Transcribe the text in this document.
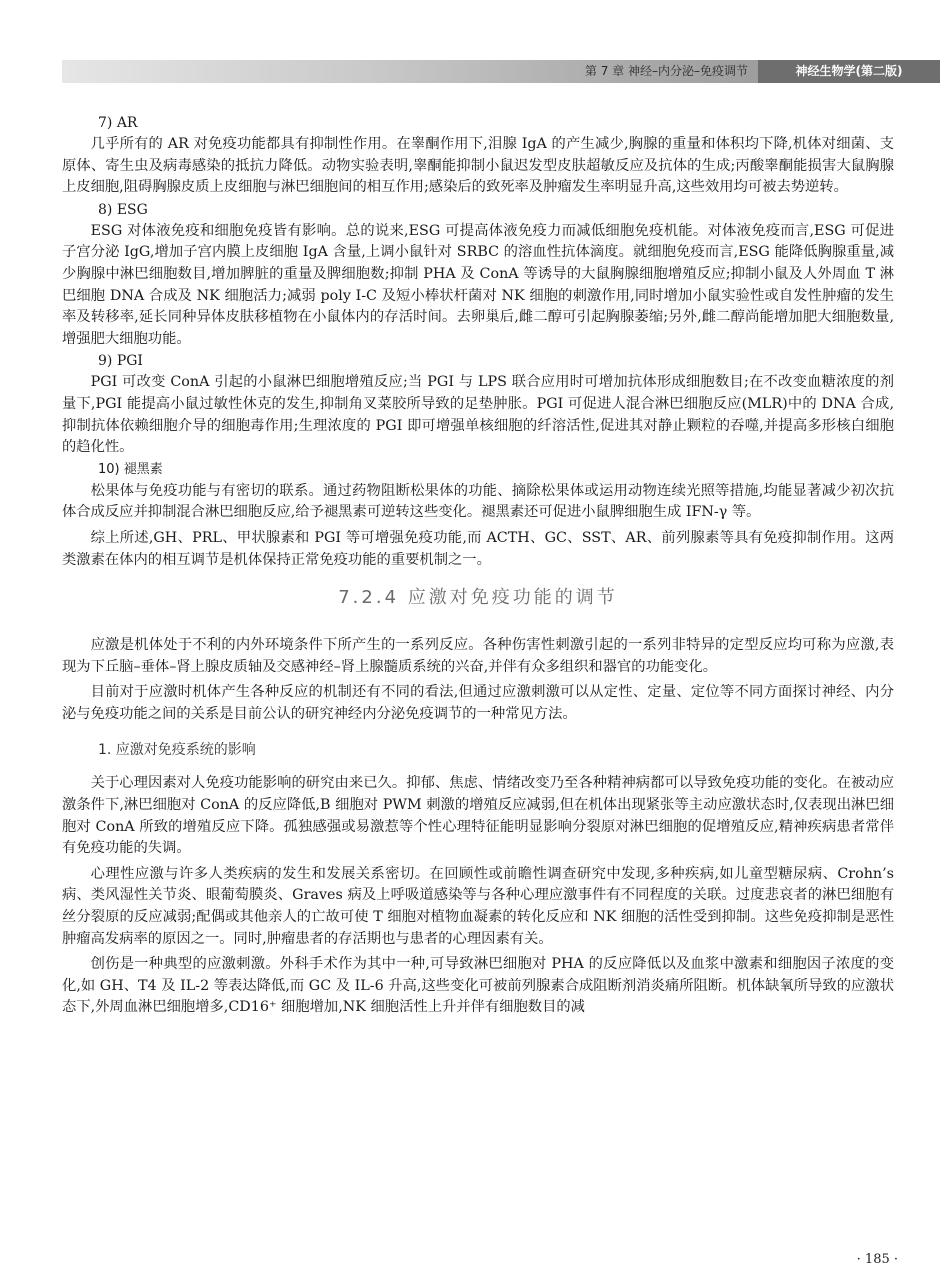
第 7 章 神经–内分泌–免疫调节	神经生物学(第二版)
7) AR

几乎所有的 AR 对免疫功能都具有抑制性作用。在睾酮作用下,泪腺 IgA 的产生减少,胸腺的重量和体积均下降,机体对细菌、支原体、寄生虫及病毒感染的抵抗力降低。动物实验表明,睾酮能抑制小鼠迟发型皮肤超敏反应及抗体的生成;丙酸睾酮能损害大鼠胸腺上皮细胞,阻碍胸腺皮质上皮细胞与淋巴细胞间的相互作用;感染后的致死率及肿瘤发生率明显升高,这些效用均可被去势逆转。

8) ESG

ESG 对体液免疫和细胞免疫皆有影响。总的说来,ESG 可提高体液免疫力而减低细胞免疫机能。对体液免疫而言,ESG 可促进子宫分泌 IgG,增加子宫内膜上皮细胞 IgA 含量,上调小鼠针对 SRBC 的溶血性抗体滴度。就细胞免疫而言,ESG 能降低胸腺重量,减少胸腺中淋巴细胞数目,增加脾脏的重量及脾细胞数;抑制 PHA 及 ConA 等诱导的大鼠胸腺细胞增殖反应;抑制小鼠及人外周血 T 淋巴细胞 DNA 合成及 NK 细胞活力;减弱 poly I-C 及短小棒状杆菌对 NK 细胞的刺激作用,同时增加小鼠实验性或自发性肿瘤的发生率及转移率,延长同种异体皮肤移植物在小鼠体内的存活时间。去卵巢后,雌二醇可引起胸腺萎缩;另外,雌二醇尚能增加肥大细胞数量,增强肥大细胞功能。

9) PGI

PGI 可改变 ConA 引起的小鼠淋巴细胞增殖反应;当 PGI 与 LPS 联合应用时可增加抗体形成细胞数目;在不改变血糖浓度的剂量下,PGI 能提高小鼠过敏性休克的发生,抑制角叉菜胶所导致的足垫肿胀。PGI 可促进人混合淋巴细胞反应(MLR)中的 DNA 合成,抑制抗体依赖细胞介导的细胞毒作用;生理浓度的 PGI 即可增强单核细胞的纤溶活性,促进其对静止颗粒的吞噬,并提高多形核白细胞的趋化性。

10) 褪黑素

松果体与免疫功能与有密切的联系。通过药物阻断松果体的功能、摘除松果体或运用动物连续光照等措施,均能显著减少初次抗体合成反应并抑制混合淋巴细胞反应,给予褪黑素可逆转这些变化。褪黑素还可促进小鼠脾细胞生成 IFN-γ 等。

综上所述,GH、PRL、甲状腺素和 PGI 等可增强免疫功能,而 ACTH、GC、SST、AR、前列腺素等具有免疫抑制作用。这两类激素在体内的相互调节是机体保持正常免疫功能的重要机制之一。

7.2.4 应激对免疫功能的调节

应激是机体处于不利的内外环境条件下所产生的一系列反应。各种伤害性刺激引起的一系列非特异的定型反应均可称为应激,表现为下丘脑–垂体–肾上腺皮质轴及交感神经–肾上腺髓质系统的兴奋,并伴有众多组织和器官的功能变化。

目前对于应激时机体产生各种反应的机制还有不同的看法,但通过应激刺激可以从定性、定量、定位等不同方面探讨神经、内分泌与免疫功能之间的关系是目前公认的研究神经内分泌免疫调节的一种常见方法。

1. 应激对免疫系统的影响

关于心理因素对人免疫功能影响的研究由来已久。抑郁、焦虑、情绪改变乃至各种精神病都可以导致免疫功能的变化。在被动应激条件下,淋巴细胞对 ConA 的反应降低,B 细胞对 PWM 刺激的增殖反应减弱,但在机体出现紧张等主动应激状态时,仅表现出淋巴细胞对 ConA 所致的增殖反应下降。孤独感强或易激惹等个性心理特征能明显影响分裂原对淋巴细胞的促增殖反应,精神疾病患者常伴有免疫功能的失调。

心理性应激与许多人类疾病的发生和发展关系密切。在回顾性或前瞻性调查研究中发现,多种疾病,如儿童型糖尿病、Crohn’s 病、类风湿性关节炎、眼葡萄膜炎、Graves 病及上呼吸道感染等与各种心理应激事件有不同程度的关联。过度悲哀者的淋巴细胞有丝分裂原的反应减弱;配偶或其他亲人的亡故可使 T 细胞对植物血凝素的转化反应和 NK 细胞的活性受到抑制。这些免疫抑制是恶性肿瘤高发病率的原因之一。同时,肿瘤患者的存活期也与患者的心理因素有关。

创伤是一种典型的应激刺激。外科手术作为其中一种,可导致淋巴细胞对 PHA 的反应降低以及血浆中激素和细胞因子浓度的变化,如 GH、T4 及 IL-2 等表达降低,而 GC 及 IL-6 升高,这些变化可被前列腺素合成阻断剂消炎痛所阻断。机体缺氧所导致的应激状态下,外周血淋巴细胞增多,CD16⁺ 细胞增加,NK 细胞活性上升并伴有细胞数目的减

· 185 ·
